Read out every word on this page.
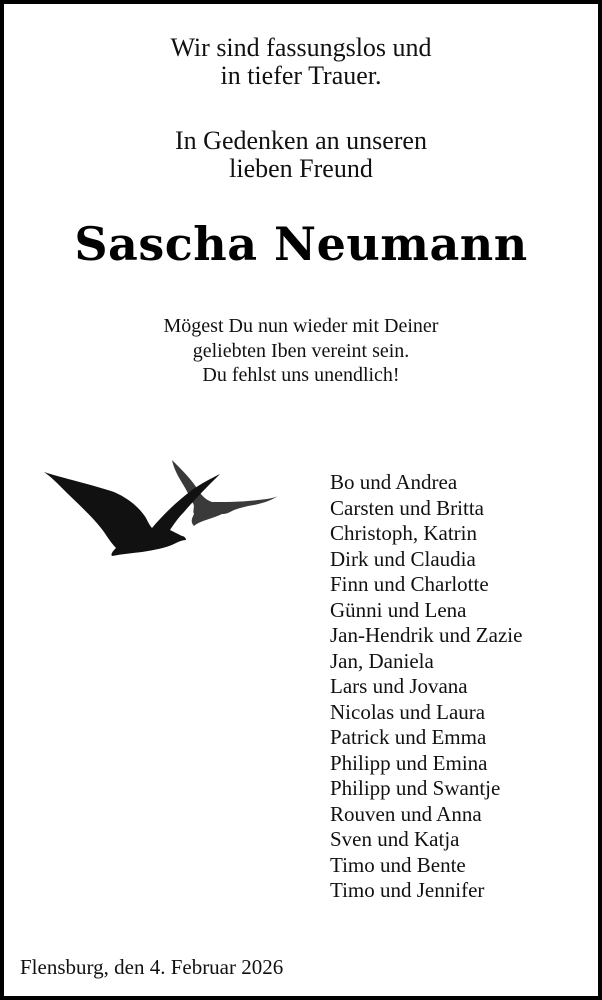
Wir sind fassungslos und
in tiefer Trauer.
In Gedenken an unseren
lieben Freund
Sascha Neumann
Mögest Du nun wieder mit Deiner
geliebten Iben vereint sein.
Du fehlst uns unendlich!
Bo und Andrea
Carsten und Britta
Christoph, Katrin
Dirk und Claudia
Finn und Charlotte
Günni und Lena
Jan-Hendrik und Zazie
Jan, Daniela
Lars und Jovana
Nicolas und Laura
Patrick und Emma
Philipp und Emina
Philipp und Swantje
Rouven und Anna
Sven und Katja
Timo und Bente
Timo und Jennifer
Flensburg, den 4. Februar 2026
